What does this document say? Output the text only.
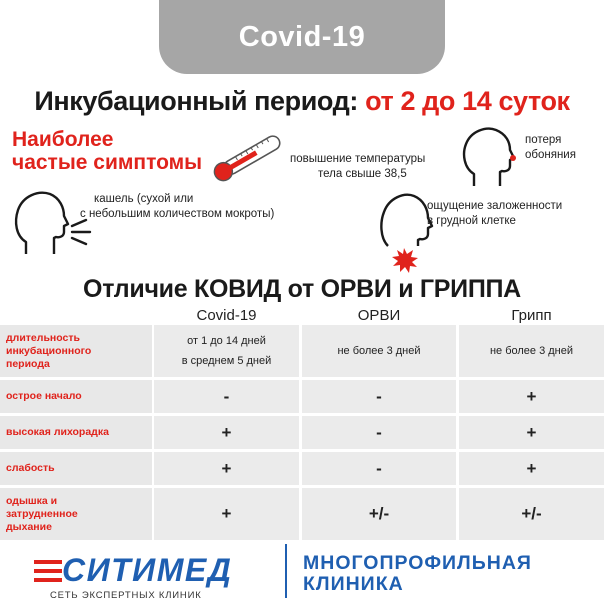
Covid-19
Инкубационный период: от 2 до 14 суток
Наиболее
частые симптомы	повышение температуры
тела свыше 38,5
потеря
обоняния
кашель (сухой или
с небольшим количеством мокроты)
ощущение заложенности
в грудной клетке
Отличие КОВИД от ОРВИ и ГРИППА
Covid-19	ОРВИ	Грипп
длительность
инкубационного
периода
от 1 до 14 дней
в среднем 5 дней
не более 3 дней	не более 3 дней
острое начало	-	-	+
высокая лихорадка	+	-	+
слабость	+	-	+
одышка и
затрудненное
дыхание
+	+/-	+/-
СИТИМЕД
СЕТЬ ЭКСПЕРТНЫХ КЛИНИК
МНОГОПРОФИЛЬНАЯ
КЛИНИКА
